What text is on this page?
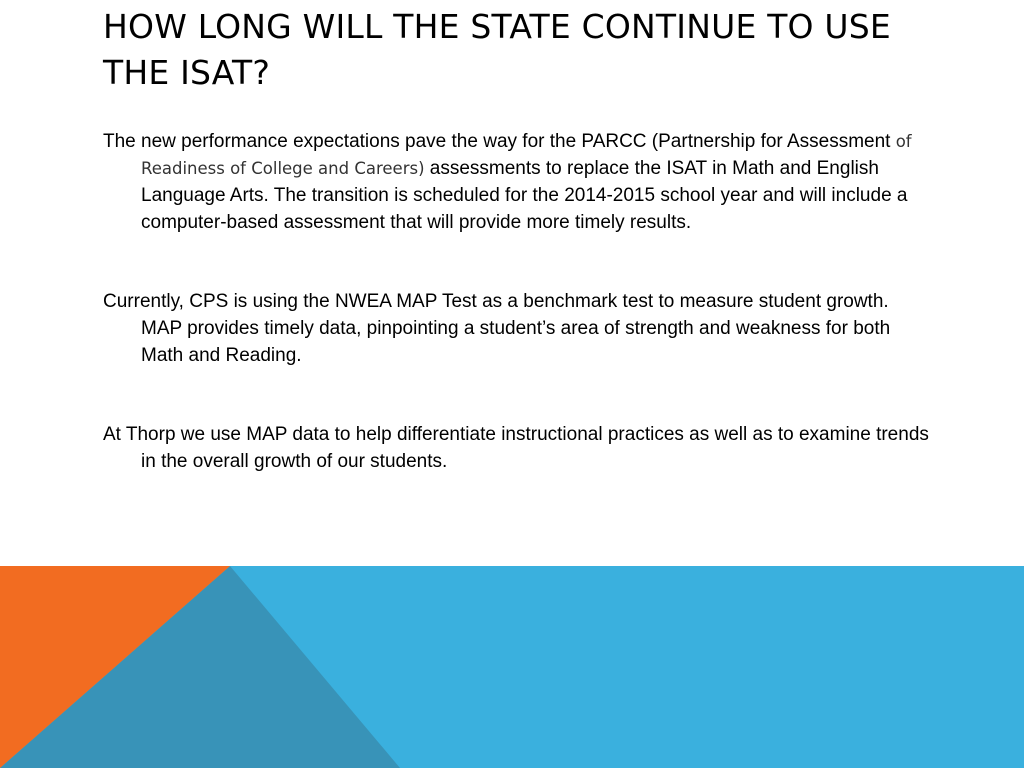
HOW LONG WILL THE STATE CONTINUE TO USE THE ISAT?

The new performance expectations pave the way for the PARCC (Partnership for Assessment of Readiness of College and Careers) assessments to replace the ISAT in Math and English Language Arts. The transition is scheduled for the 2014-2015 school year and will include a computer-based assessment that will provide more timely results.

Currently, CPS is using the NWEA MAP Test as a benchmark test to measure student growth. MAP provides timely data, pinpointing a student’s area of strength and weakness for both Math and Reading.

At Thorp we use MAP data to help differentiate instructional practices as well as to examine trends in the overall growth of our students.
